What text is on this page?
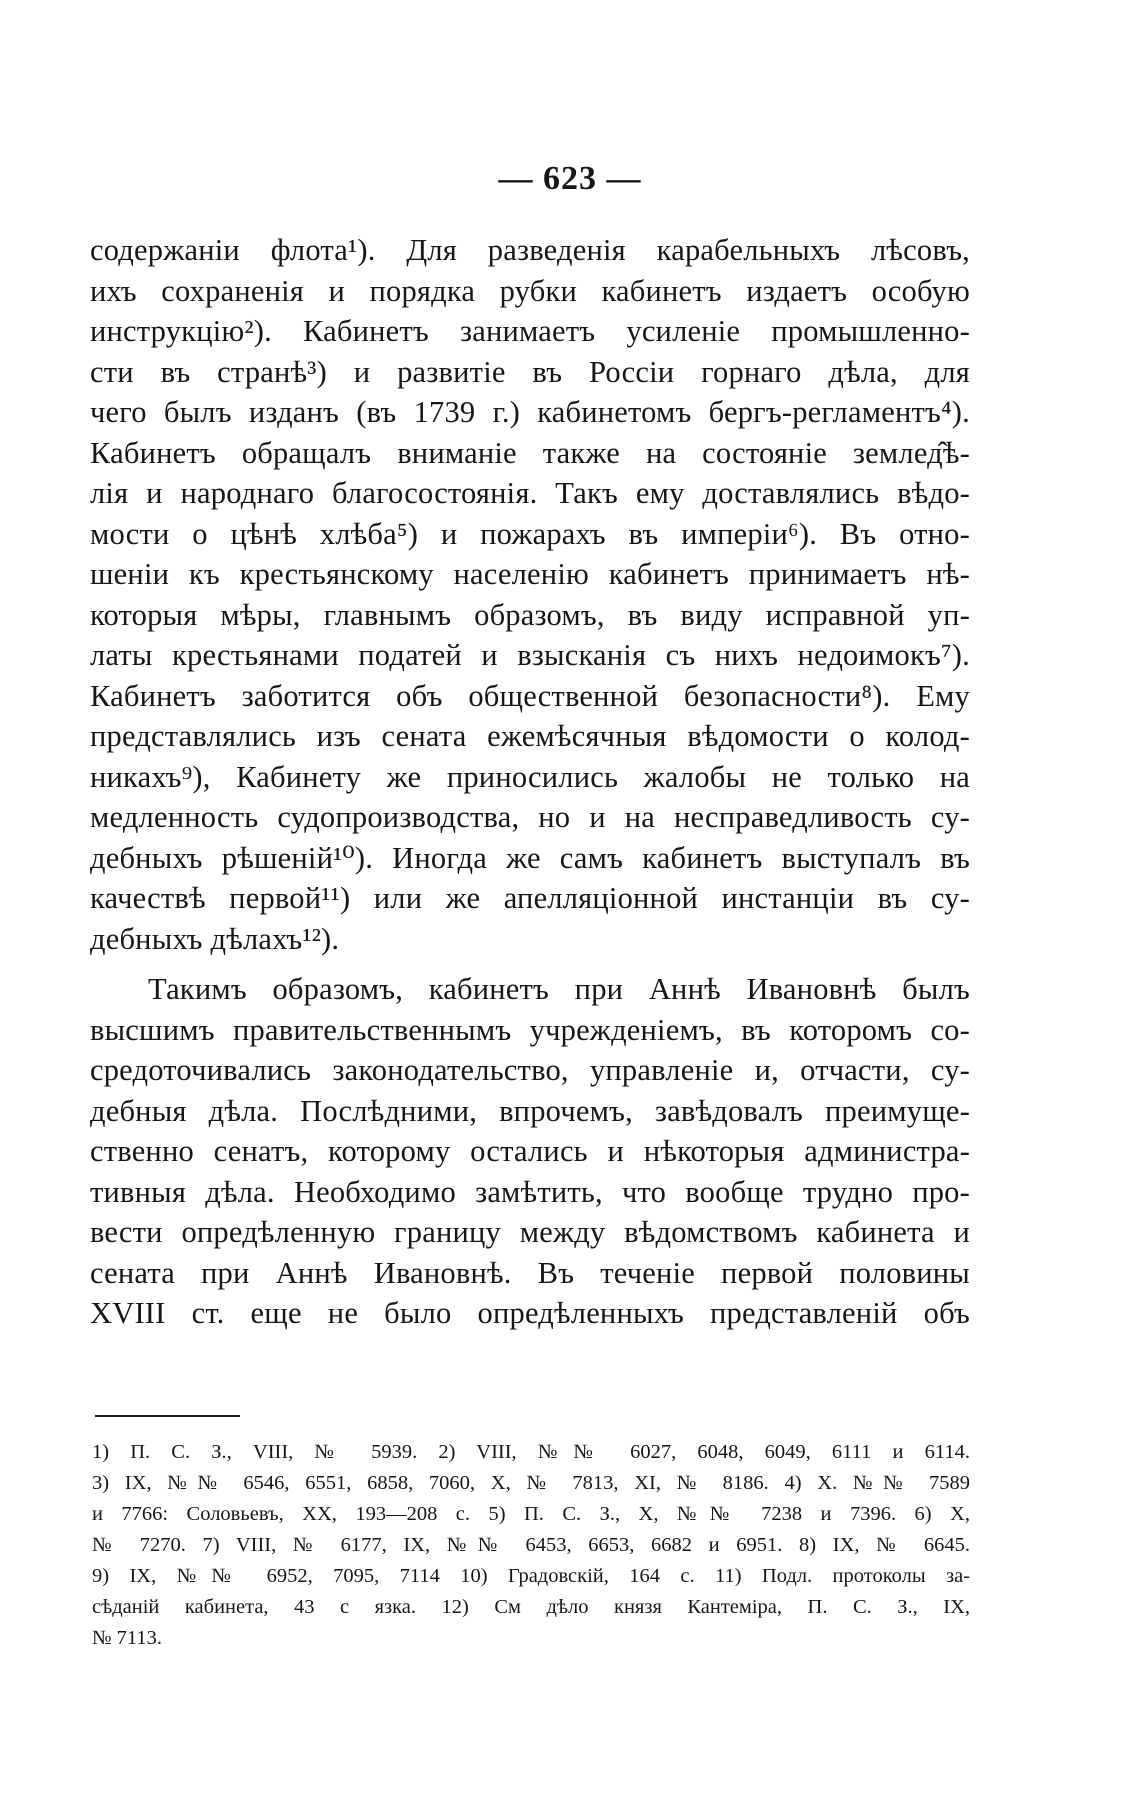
— 623 —
содержаніи флота¹). Для разведенія карабельныхъ лѣсовъ,
ихъ сохраненія и порядка рубки кабинетъ издаетъ особую
инструкцію²). Кабинетъ занимаетъ усиленіе промышленно-
сти въ странѣ³) и развитіе въ Россіи горнаго дѣла, для
чего былъ изданъ (въ 1739 г.) кабинетомъ бергъ-регламентъ⁴).
Кабинетъ обращалъ вниманіе также на состояніе землед̂ѣ-
лія и народнаго благосостоянія. Такъ ему доставлялись вѣдо-
мости о цѣнѣ хлѣба⁵) и пожарахъ въ имперіи⁶). Въ отно-
шеніи къ крестьянскому населенію кабинетъ принимаетъ нѣ-
которыя мѣры, главнымъ образомъ, въ виду исправной уп-
латы крестьянами податей и взысканія съ нихъ недоимокъ⁷).
Кабинетъ заботится объ общественной безопасности⁸). Ему
представлялись изъ сената ежемѣсячныя вѣдомости о колод-
никахъ⁹), Кабинету же приносились жалобы не только на
медленность судопроизводства, но и на несправедливость су-
дебныхъ рѣшеній¹⁰). Иногда же самъ кабинетъ выступалъ въ
качествѣ первой¹¹) или же апелляціонной инстанціи въ су-
дебныхъ дѣлахъ¹²).
Такимъ образомъ, кабинетъ при Аннѣ Ивановнѣ былъ
высшимъ правительственнымъ учрежденіемъ, въ которомъ со-
средоточивались законодательство, управленіе и, отчасти, су-
дебныя дѣла. Послѣдними, впрочемъ, завѣдовалъ преимуще-
ственно сенатъ, которому остались и нѣкоторыя администра-
тивныя дѣла. Необходимо замѣтить, что вообще трудно про-
вести опредѣленную границу между вѣдомствомъ кабинета и
сената при Аннѣ Ивановнѣ. Въ теченіе первой половины
XVIII ст. еще не было опредѣленныхъ представленій объ
1) П. С. З., VIII, № 5939. 2) VIII, №№ 6027, 6048, 6049, 6111 и 6114.
3) IX, №№ 6546, 6551, 6858, 7060, X, № 7813, XI, № 8186. 4) X. №№ 7589
и 7766: Соловьевъ, XX, 193—208 с. 5) П. С. З., X, №№ 7238 и 7396. 6) X,
№ 7270. 7) VIII, № 6177, IX, №№ 6453, 6653, 6682 и 6951. 8) IX, № 6645.
9) IX, №№ 6952, 7095, 7114 10) Градовскій, 164 с. 11) Подл. протоколы за-
сѣданій кабинета, 43 с язка. 12) См дѣло князя Кантеміра, П. С. З., IX,
№ 7113.
